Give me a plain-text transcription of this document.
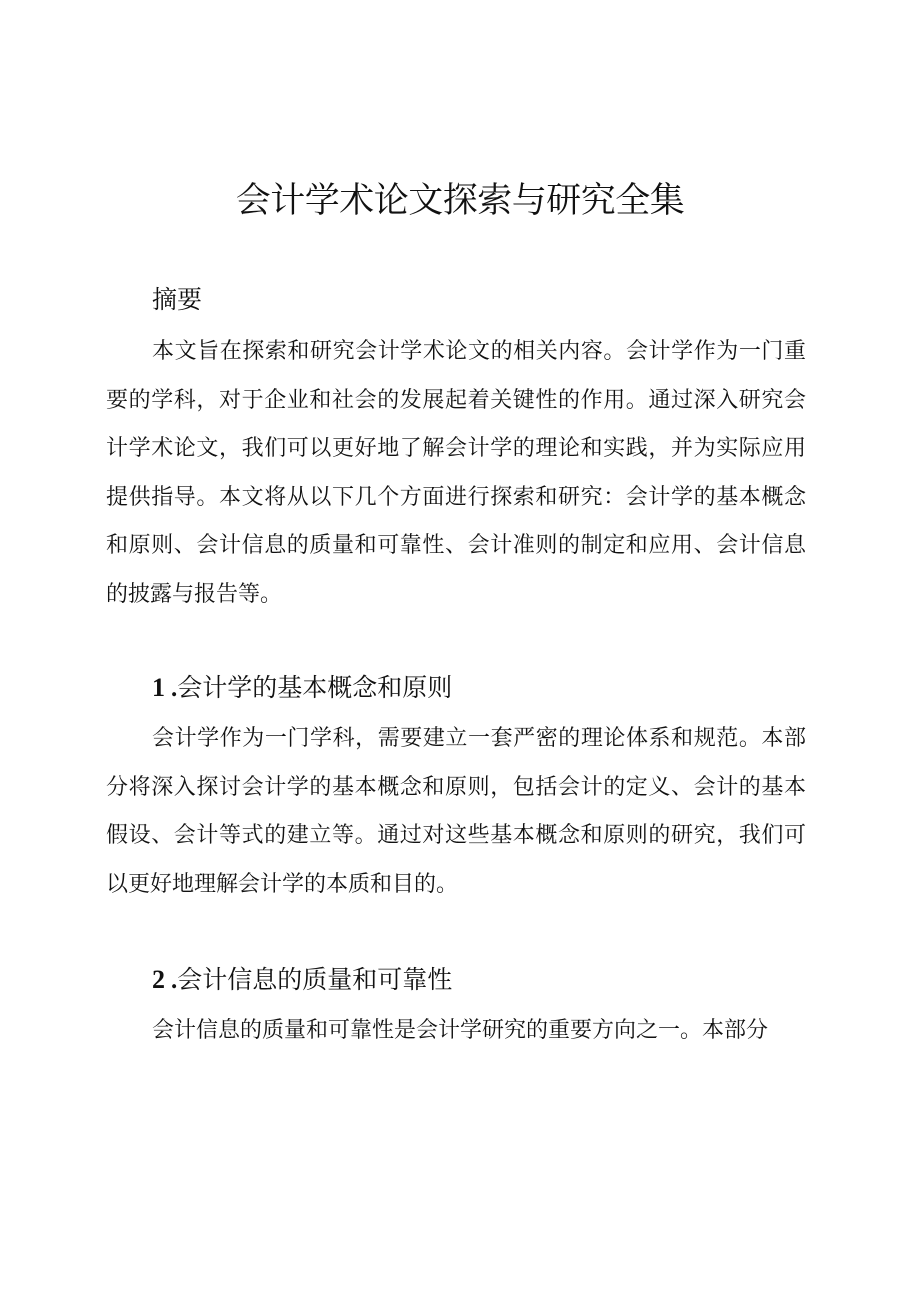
会计学术论文探索与研究全集
摘要

本文旨在探索和研究会计学术论文的相关内容。会计学作为一门重要的学科，对于企业和社会的发展起着关键性的作用。通过深入研究会计学术论文，我们可以更好地了解会计学的理论和实践，并为实际应用提供指导。本文将从以下几个方面进行探索和研究：会计学的基本概念和原则、会计信息的质量和可靠性、会计准则的制定和应用、会计信息的披露与报告等。

1 .会计学的基本概念和原则

会计学作为一门学科，需要建立一套严密的理论体系和规范。本部分将深入探讨会计学的基本概念和原则，包括会计的定义、会计的基本假设、会计等式的建立等。通过对这些基本概念和原则的研究，我们可以更好地理解会计学的本质和目的。

2 .会计信息的质量和可靠性

会计信息的质量和可靠性是会计学研究的重要方向之一。本部分
